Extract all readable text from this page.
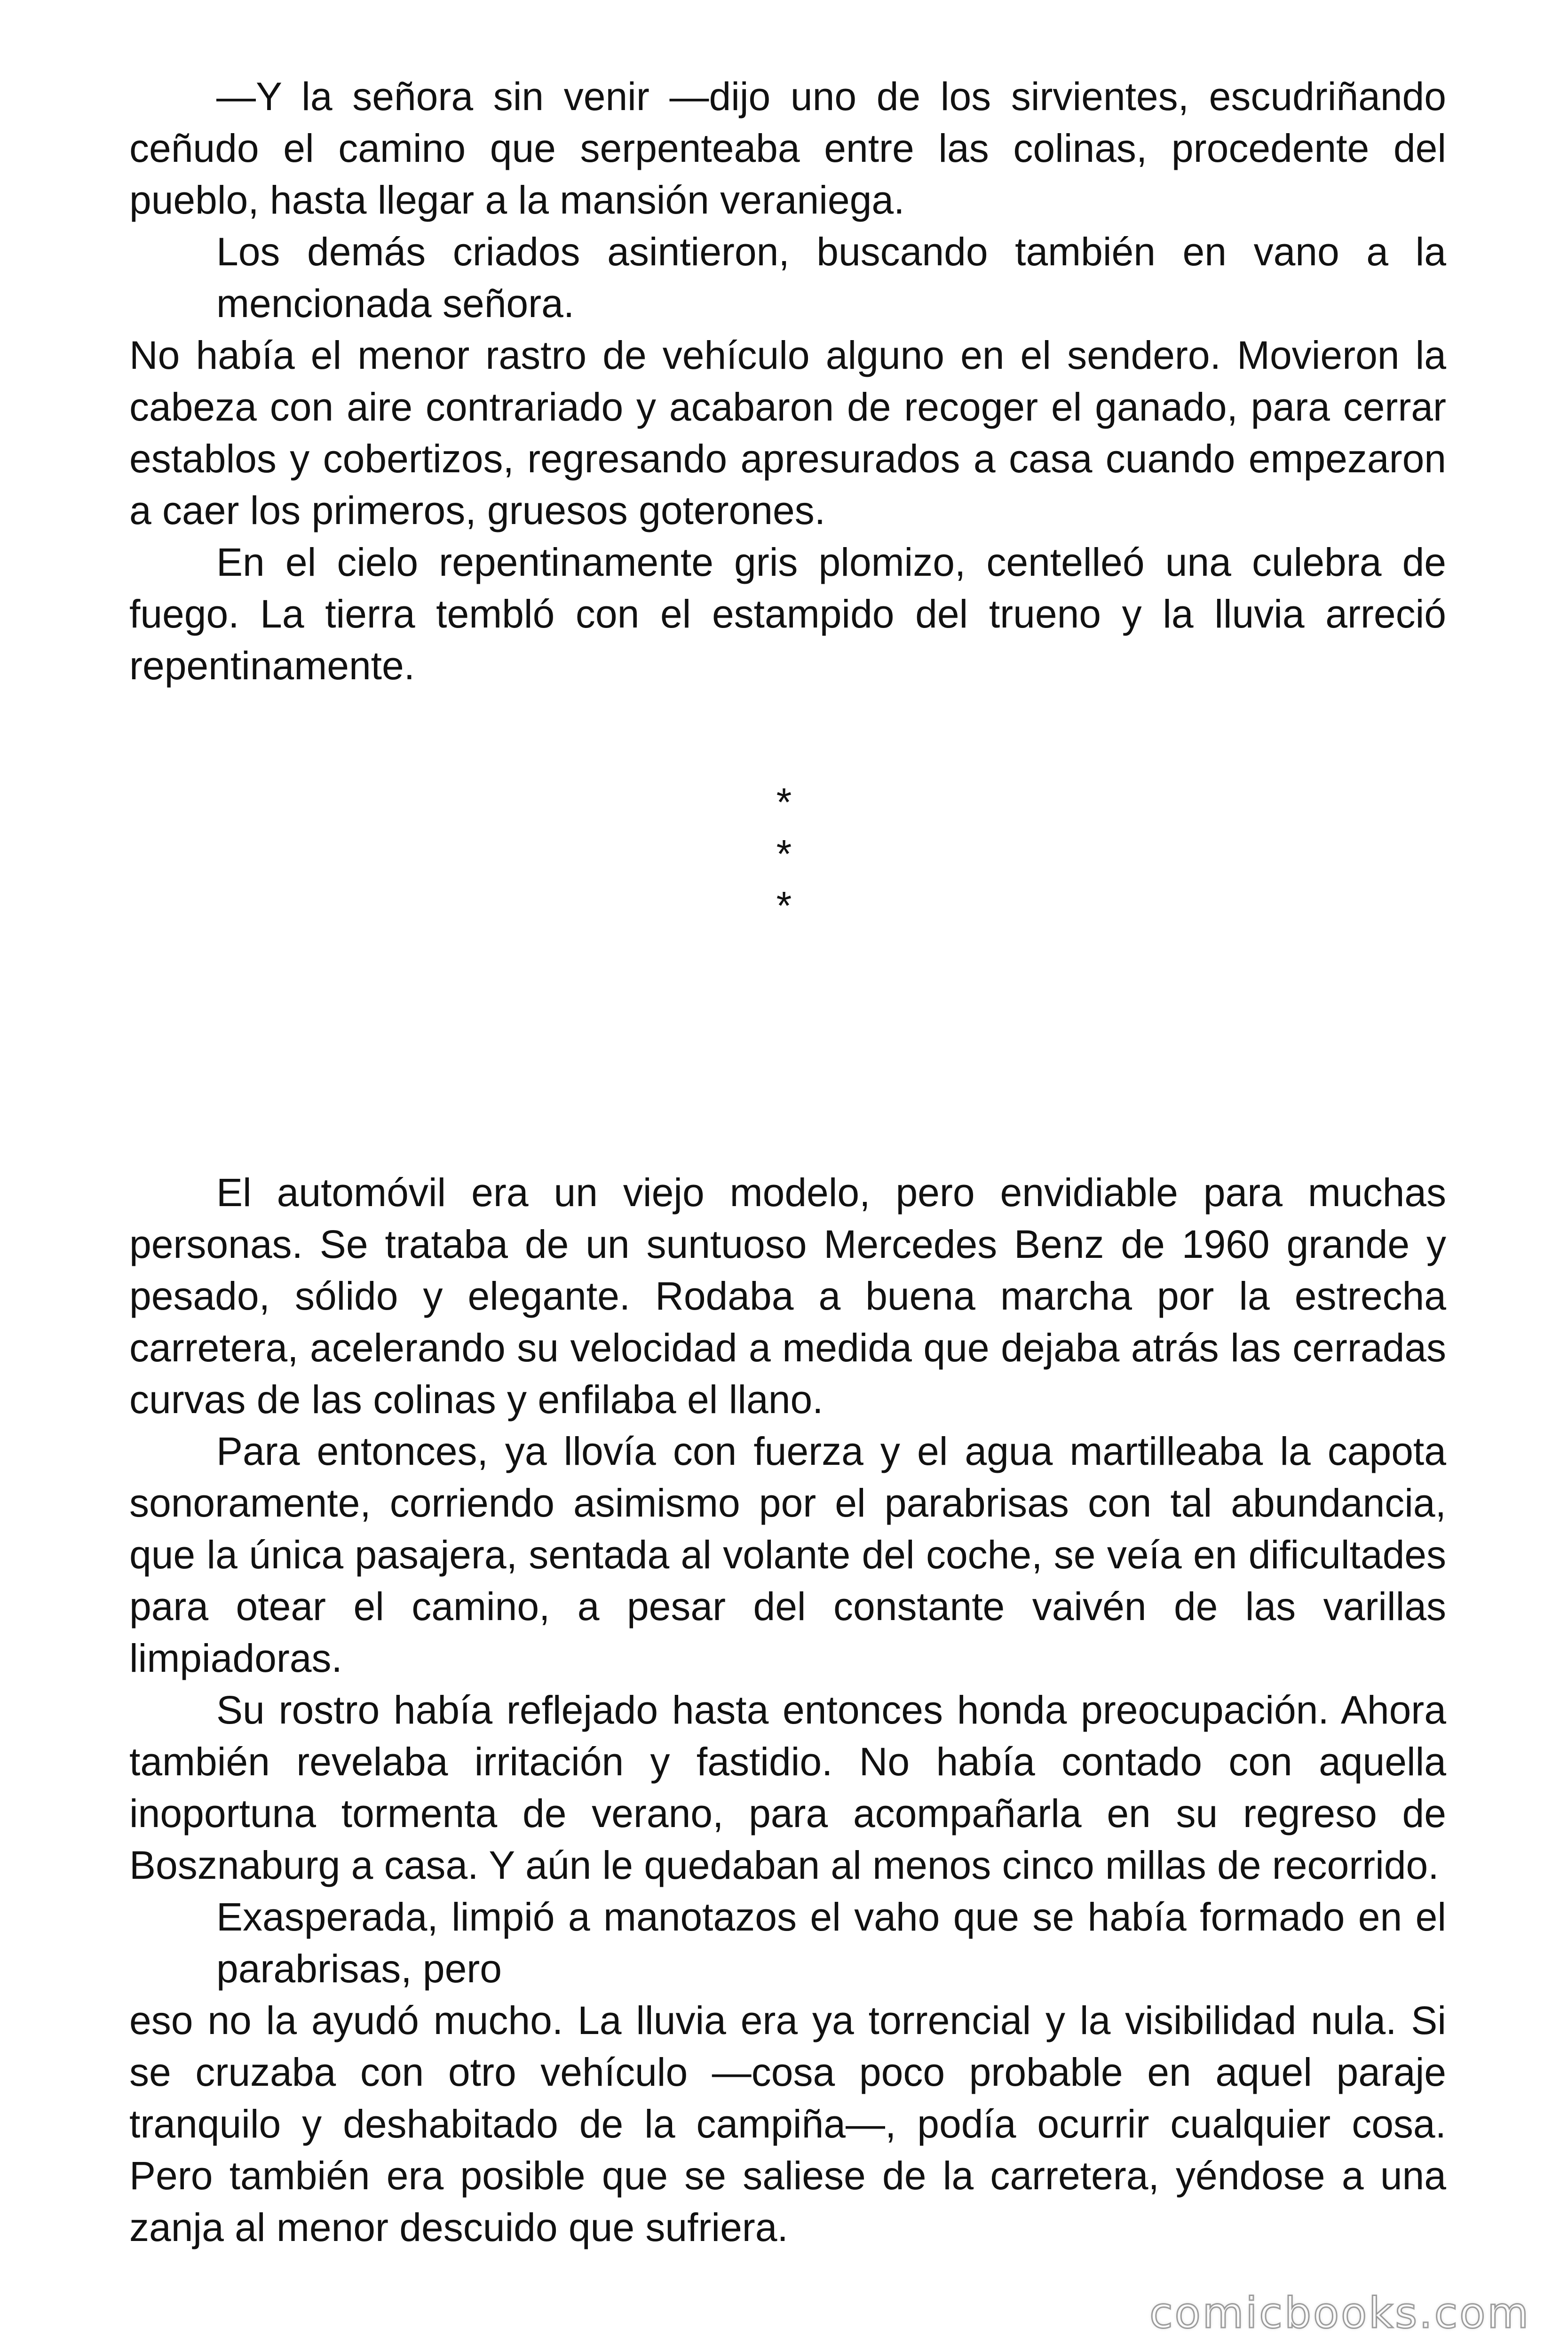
—Y la señora sin venir —dijo uno de los sirvientes, escudriñando ceñudo el camino que serpenteaba entre las colinas, procedente del pueblo, hasta llegar a la mansión veraniega.

Los demás criados asintieron, buscando también en vano a la mencionada señora.

No había el menor rastro de vehículo alguno en el sendero. Movieron la cabeza con aire contrariado y acabaron de recoger el ganado, para cerrar establos y cobertizos, regresando apresurados a casa cuando empezaron a caer los primeros, gruesos goterones.

En el cielo repentinamente gris plomizo, centelleó una culebra de fuego. La tierra tembló con el estampido del trueno y la lluvia arreció repentinamente.

*
*
*

El automóvil era un viejo modelo, pero envidiable para muchas personas. Se trataba de un suntuoso Mercedes Benz de 1960 grande y pesado, sólido y elegante. Rodaba a buena marcha por la estrecha carretera, acelerando su velocidad a medida que dejaba atrás las cerradas curvas de las colinas y enfilaba el llano.

Para entonces, ya llovía con fuerza y el agua martilleaba la capota sonoramente, corriendo asimismo por el parabrisas con tal abundancia, que la única pasajera, sentada al volante del coche, se veía en dificultades para otear el camino, a pesar del constante vaivén de las varillas limpiadoras.

Su rostro había reflejado hasta entonces honda preocupación. Ahora también revelaba irritación y fastidio. No había contado con aquella inoportuna tormenta de verano, para acompañarla en su regreso de Bosznaburg a casa. Y aún le quedaban al menos cinco millas de recorrido.

Exasperada, limpió a manotazos el vaho que se había formado en el parabrisas, pero

eso no la ayudó mucho. La lluvia era ya torrencial y la visibilidad nula. Si se cruzaba con otro vehículo —cosa poco probable en aquel paraje tranquilo y deshabitado de la campiña—, podía ocurrir cualquier cosa. Pero también era posible que se saliese de la carretera, yéndose a una zanja al menor descuido que sufriera.

comicbooks.com
